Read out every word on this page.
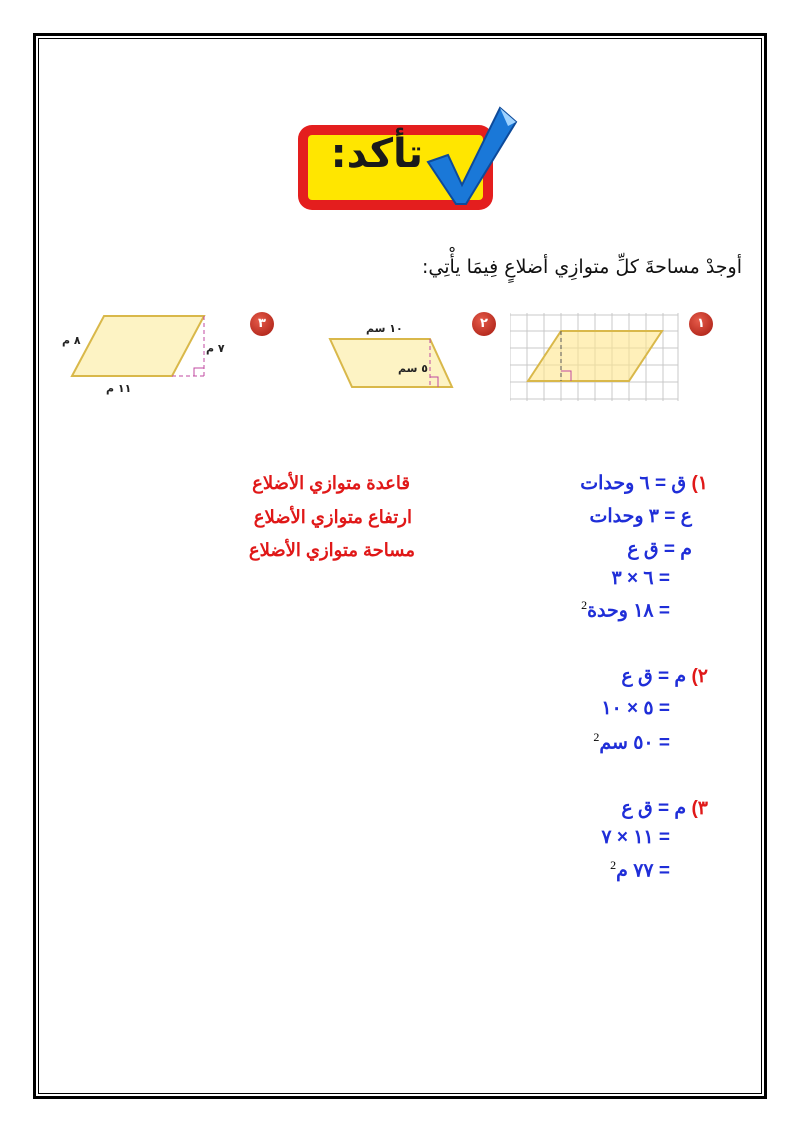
تأكد:
أوجدْ مساحةَ كلِّ متوازِي أضلاعٍ فِيمَا يأْتِي:
١
٢
١٠ سم
٥ سم
٣
٨ م
٧ م
١١ م
١) ق = ٦ وحدات
ع = ٣ وحدات
م = ق ع
= ٦ × ٣
= ١٨ وحدة$^2$
٢) م = ق ع
= ٥ × ١٠
= ٥٠ سم$^2$
٣) م = ق ع
= ١١ × ٧
= ٧٧ م$^2$
قاعدة متوازي الأضلاع
ارتفاع متوازي الأضلاع
مساحة متوازي الأضلاع
